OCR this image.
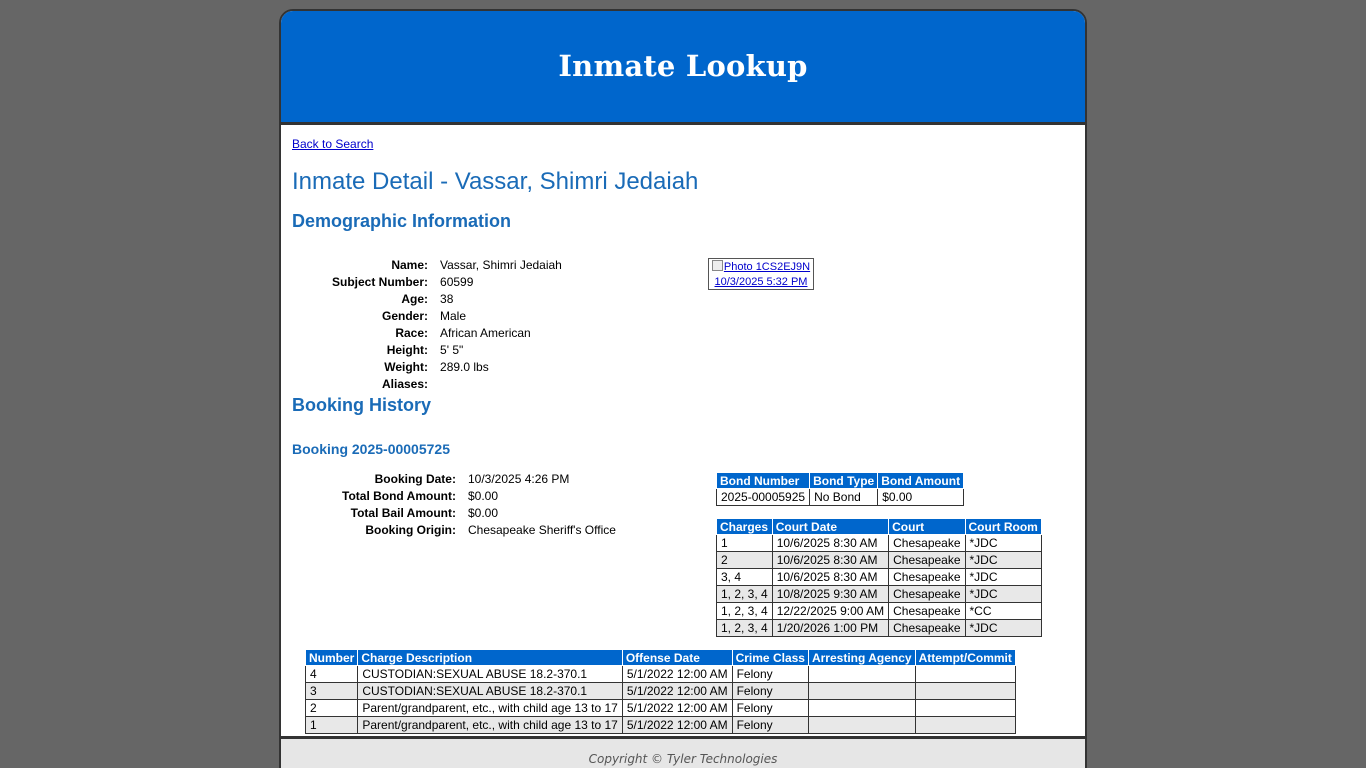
Inmate Lookup
Back to Search
Inmate Detail - Vassar, Shimri Jedaiah
Demographic Information
Name:	Vassar, Shimri Jedaiah
Subject Number:	60599
Age:	38
Gender:	Male
Race:	African American
Height:	5' 5"
Weight:	289.0 lbs
Aliases:	
Photo 1CS2EJ9N
10/3/2025 5:32 PM
Booking History
Booking 2025-00005725
Booking Date:	10/3/2025 4:26 PM
Total Bond Amount:	$0.00
Total Bail Amount:	$0.00
Booking Origin:	Chesapeake Sheriff's Office
Bond Number	Bond Type	Bond Amount
2025-00005925	No Bond	$0.00
Charges	Court Date	Court	Court Room
1	10/6/2025 8:30 AM	Chesapeake	*JDC
2	10/6/2025 8:30 AM	Chesapeake	*JDC
3, 4	10/6/2025 8:30 AM	Chesapeake	*JDC
1, 2, 3, 4	10/8/2025 9:30 AM	Chesapeake	*JDC
1, 2, 3, 4	12/22/2025 9:00 AM	Chesapeake	*CC
1, 2, 3, 4	1/20/2026 1:00 PM	Chesapeake	*JDC
Number	Charge Description	Offense Date	Crime Class	Arresting Agency	Attempt/Commit
4	CUSTODIAN:SEXUAL ABUSE 18.2-370.1	5/1/2022 12:00 AM	Felony		
3	CUSTODIAN:SEXUAL ABUSE 18.2-370.1	5/1/2022 12:00 AM	Felony		
2	Parent/grandparent, etc., with child age 13 to 17	5/1/2022 12:00 AM	Felony		
1	Parent/grandparent, etc., with child age 13 to 17	5/1/2022 12:00 AM	Felony		

Copyright © Tyler Technologies
